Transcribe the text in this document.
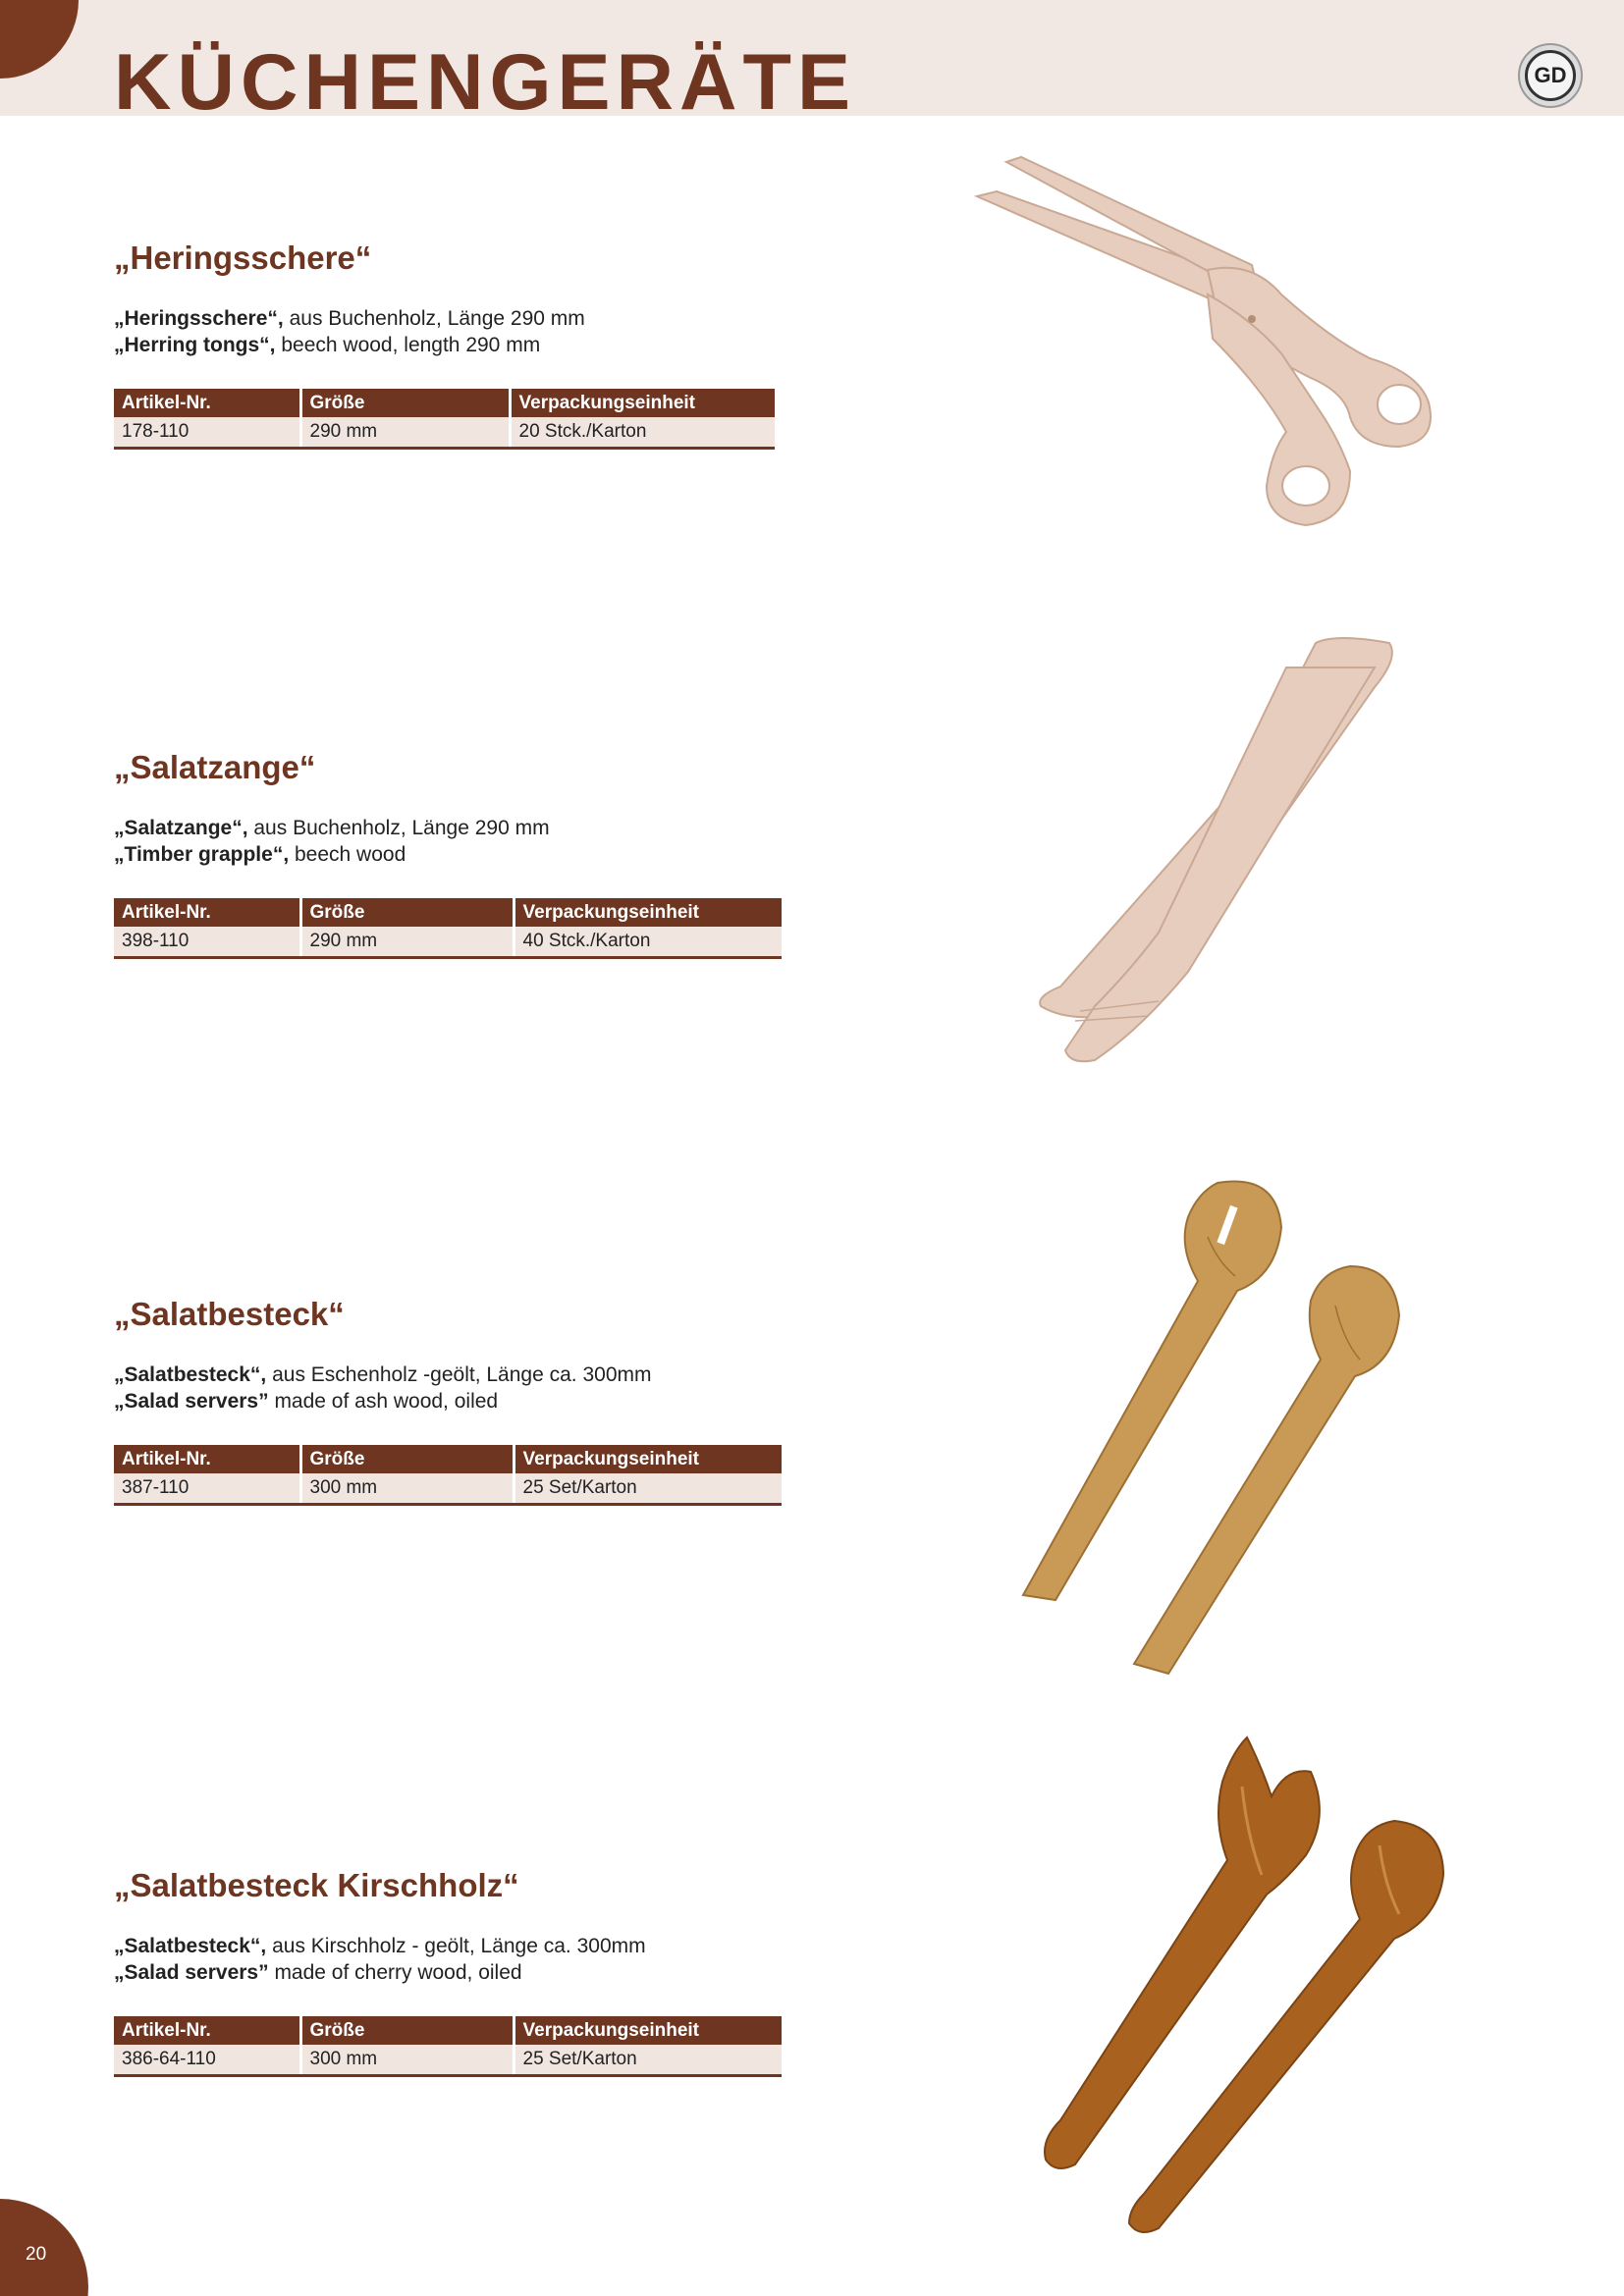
KÜCHENGERÄTE	GD
„Heringsschere“
„Heringsschere“, aus Buchenholz, Länge 290 mm
„Herring tongs“, beech wood, length 290 mm
Artikel-Nr.	Größe	Verpackungseinheit
178-110	290 mm	20 Stck./Karton
„Salatzange“
„Salatzange“, aus Buchenholz, Länge 290 mm
„Timber grapple“, beech wood
Artikel-Nr.	Größe	Verpackungseinheit
398-110	290 mm	40 Stck./Karton
„Salatbesteck“
„Salatbesteck“, aus Eschenholz -geölt, Länge ca. 300mm
„Salad servers” made of ash wood, oiled
Artikel-Nr.	Größe	Verpackungseinheit
387-110	300 mm	25 Set/Karton
„Salatbesteck Kirschholz“
„Salatbesteck“, aus Kirschholz - geölt, Länge ca. 300mm
„Salad servers” made of cherry wood, oiled
Artikel-Nr.	Größe	Verpackungseinheit
386-64-110	300 mm	25 Set/Karton
20
